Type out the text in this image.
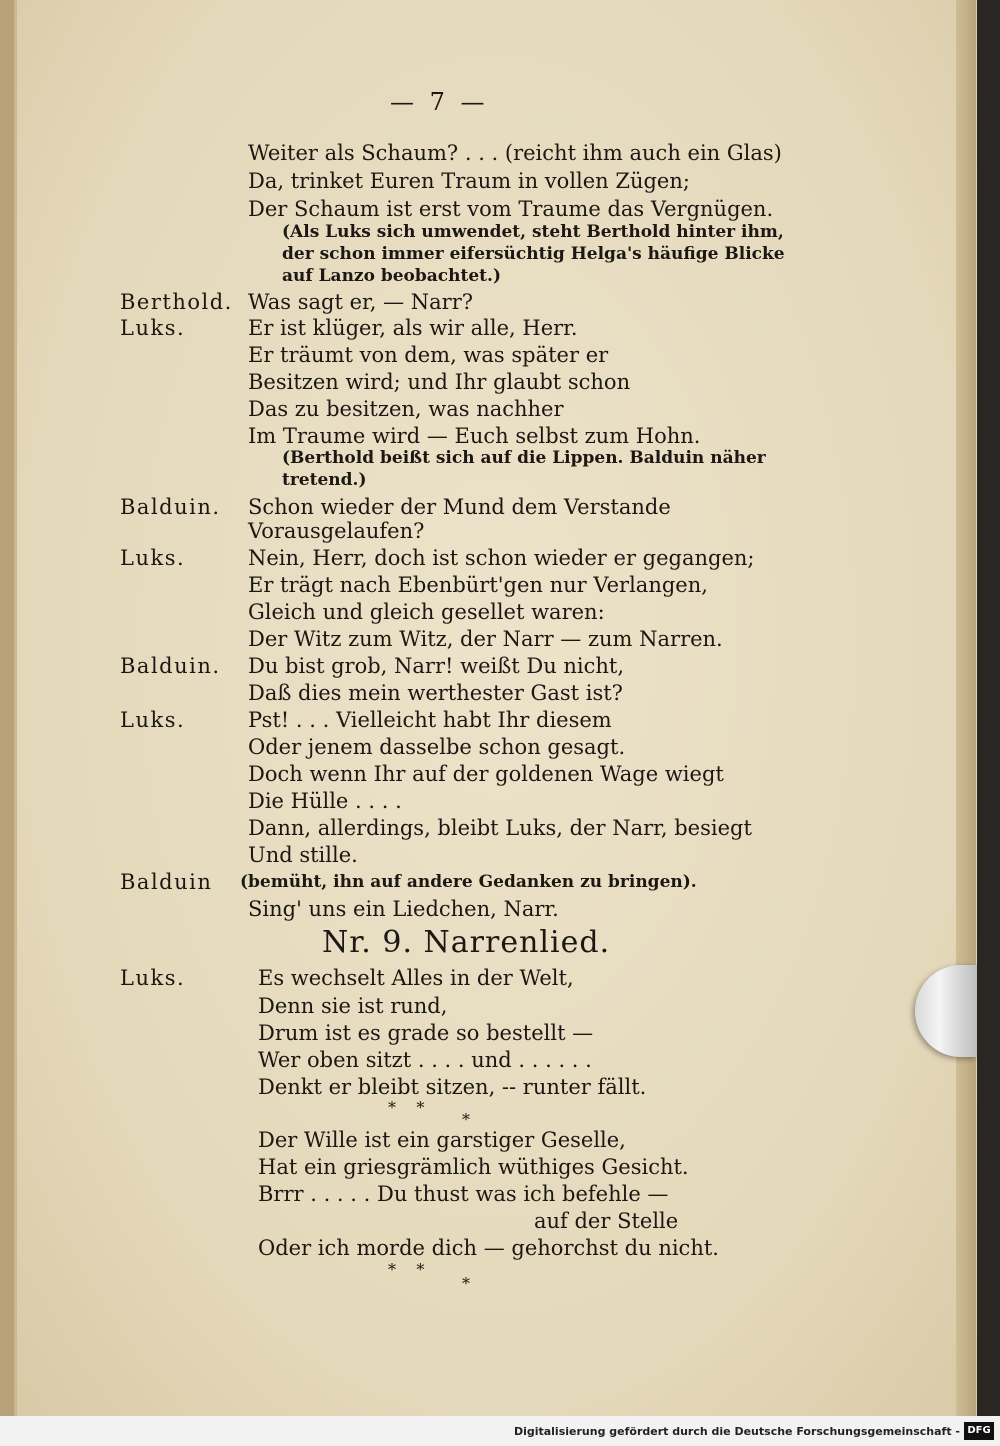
— 7 —
Weiter als Schaum? . . . (reicht ihm auch ein Glas)
Da, trinket Euren Traum in vollen Zügen;
Der Schaum ist erst vom Traume das Vergnügen.
(Als Luks sich umwendet, steht Berthold hinter ihm,
der schon immer eifersüchtig Helga's häufige Blicke
auf Lanzo beobachtet.)
Berthold. Was sagt er, — Narr?
Luks.	Er ist klüger, als wir alle, Herr.
Er träumt von dem, was später er
Besitzen wird; und Ihr glaubt schon
Das zu besitzen, was nachher
Im Traume wird — Euch selbst zum Hohn.
(Berthold beißt sich auf die Lippen. Balduin näher
tretend.)
Balduin. Schon wieder der Mund dem Verstande
Vorausgelaufen?
Luks.	Nein, Herr, doch ist schon wieder er gegangen;
Er trägt nach Ebenbürt'gen nur Verlangen,
Gleich und gleich gesellet waren:
Der Witz zum Witz, der Narr — zum Narren.
Balduin. Du bist grob, Narr! weißt Du nicht,
Daß dies mein werthester Gast ist?
Luks.	Pst! . . . Vielleicht habt Ihr diesem
Oder jenem dasselbe schon gesagt.
Doch wenn Ihr auf der goldenen Wage wiegt
Die Hülle . . . .
Dann, allerdings, bleibt Luks, der Narr, besiegt
Und stille.
Balduin (bemüht, ihn auf andere Gedanken zu bringen).
Sing' uns ein Liedchen, Narr.
Nr. 9. Narrenlied.
Luks.	Es wechselt Alles in der Welt,
Denn sie ist rund,
Drum ist es grade so bestellt —
Wer oben sitzt . . . . und . . . . . .
Denkt er bleibt sitzen, -- runter fällt.
*    *
*
Der Wille ist ein garstiger Geselle,
Hat ein griesgrämlich wüthiges Gesicht.
Brrr . . . . . Du thust was ich befehle —
auf der Stelle
Oder ich morde dich — gehorchst du nicht.
*    *
*
Digitalisierung gefördert durch die Deutsche Forschungsgemeinschaft - DFG
